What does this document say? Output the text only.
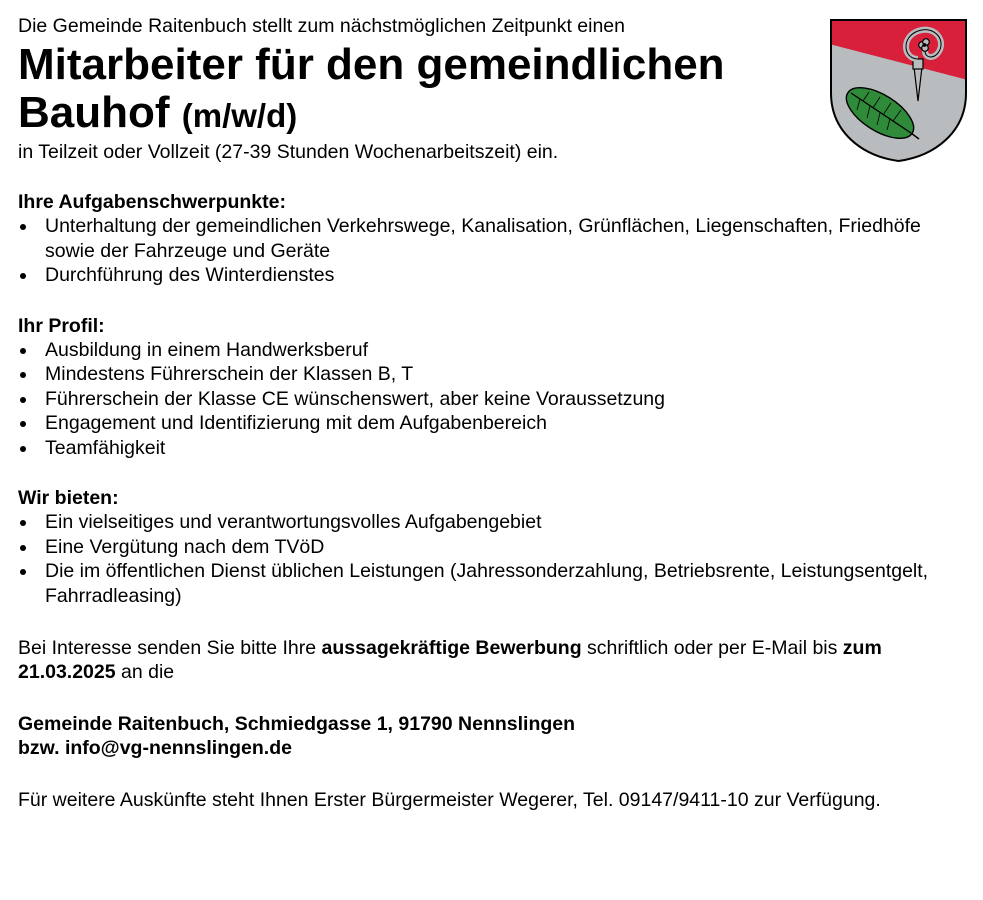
Die Gemeinde Raitenbuch stellt zum nächstmöglichen Zeitpunkt einen

Mitarbeiter für den gemeindlichen Bauhof (m/w/d)

in Teilzeit oder Vollzeit (27-39 Stunden Wochenarbeitszeit) ein.

Ihre Aufgabenschwerpunkte:
Unterhaltung der gemeindlichen Verkehrswege, Kanalisation, Grünflächen, Liegenschaften, Friedhöfe sowie der Fahrzeuge und Geräte
Durchführung des Winterdienstes
Ihr Profil:
Ausbildung in einem Handwerksberuf
Mindestens Führerschein der Klassen B, T
Führerschein der Klasse CE wünschenswert, aber keine Voraussetzung
Engagement und Identifizierung mit dem Aufgabenbereich
Teamfähigkeit
Wir bieten:
Ein vielseitiges und verantwortungsvolles Aufgabengebiet
Eine Vergütung nach dem TVöD
Die im öffentlichen Dienst üblichen Leistungen (Jahressonderzahlung, Betriebsrente, Leistungsentgelt, Fahrradleasing)

Bei Interesse senden Sie bitte Ihre aussagekräftige Bewerbung schriftlich oder per E-Mail bis zum 21.03.2025 an die

Gemeinde Raitenbuch, Schmiedgasse 1, 91790 Nennslingen
bzw. info@vg-nennslingen.de

Für weitere Auskünfte steht Ihnen Erster Bürgermeister Wegerer, Tel. 09147/9411-10 zur Verfügung.
